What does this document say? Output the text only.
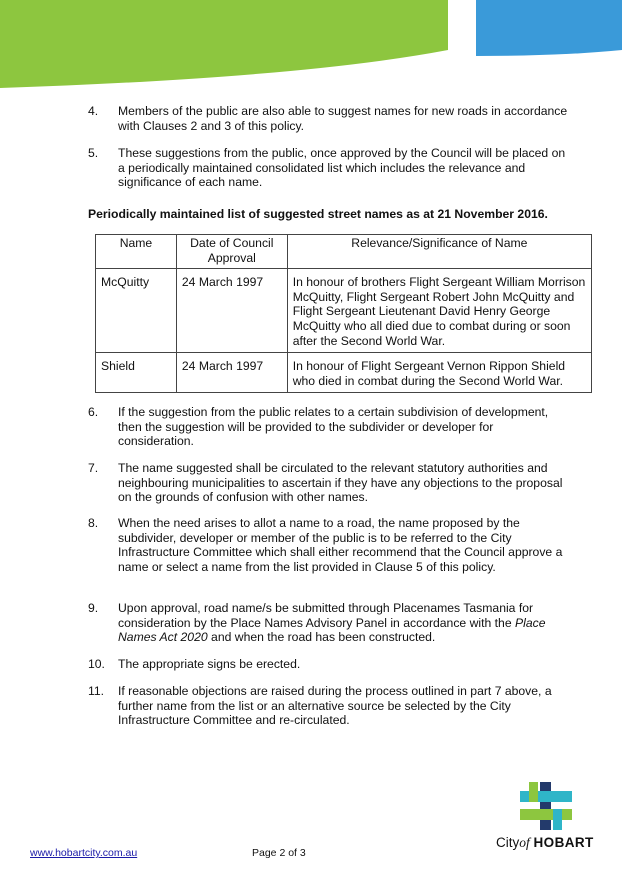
4. Members of the public are also able to suggest names for new roads in accordance with Clauses 2 and 3 of this policy.
5. These suggestions from the public, once approved by the Council will be placed on a periodically maintained consolidated list which includes the relevance and significance of each name.
Periodically maintained list of suggested street names as at 21 November 2016.
Name	Date of Council Approval	Relevance/Significance of Name
McQuitty	24 March 1997	In honour of brothers Flight Sergeant William Morrison McQuitty, Flight Sergeant Robert John McQuitty and Flight Sergeant Lieutenant David Henry George McQuitty who all died due to combat during or soon after the Second World War.
Shield	24 March 1997	In honour of Flight Sergeant Vernon Rippon Shield who died in combat during the Second World War.
6. If the suggestion from the public relates to a certain subdivision of development, then the suggestion will be provided to the subdivider or developer for consideration.
7. The name suggested shall be circulated to the relevant statutory authorities and neighbouring municipalities to ascertain if they have any objections to the proposal on the grounds of confusion with other names.
8. When the need arises to allot a name to a road, the name proposed by the subdivider, developer or member of the public is to be referred to the City Infrastructure Committee which shall either recommend that the Council approve a name or select a name from the list provided in Clause 5 of this policy.
9. Upon approval, road name/s be submitted through Placenames Tasmania for consideration by the Place Names Advisory Panel in accordance with the Place Names Act 2020 and when the road has been constructed.
10. The appropriate signs be erected.
11. If reasonable objections are raised during the process outlined in part 7 above, a further name from the list or an alternative source be selected by the City Infrastructure Committee and re-circulated.
Cityof HOBART
www.hobartcity.com.au	Page 2 of 3
